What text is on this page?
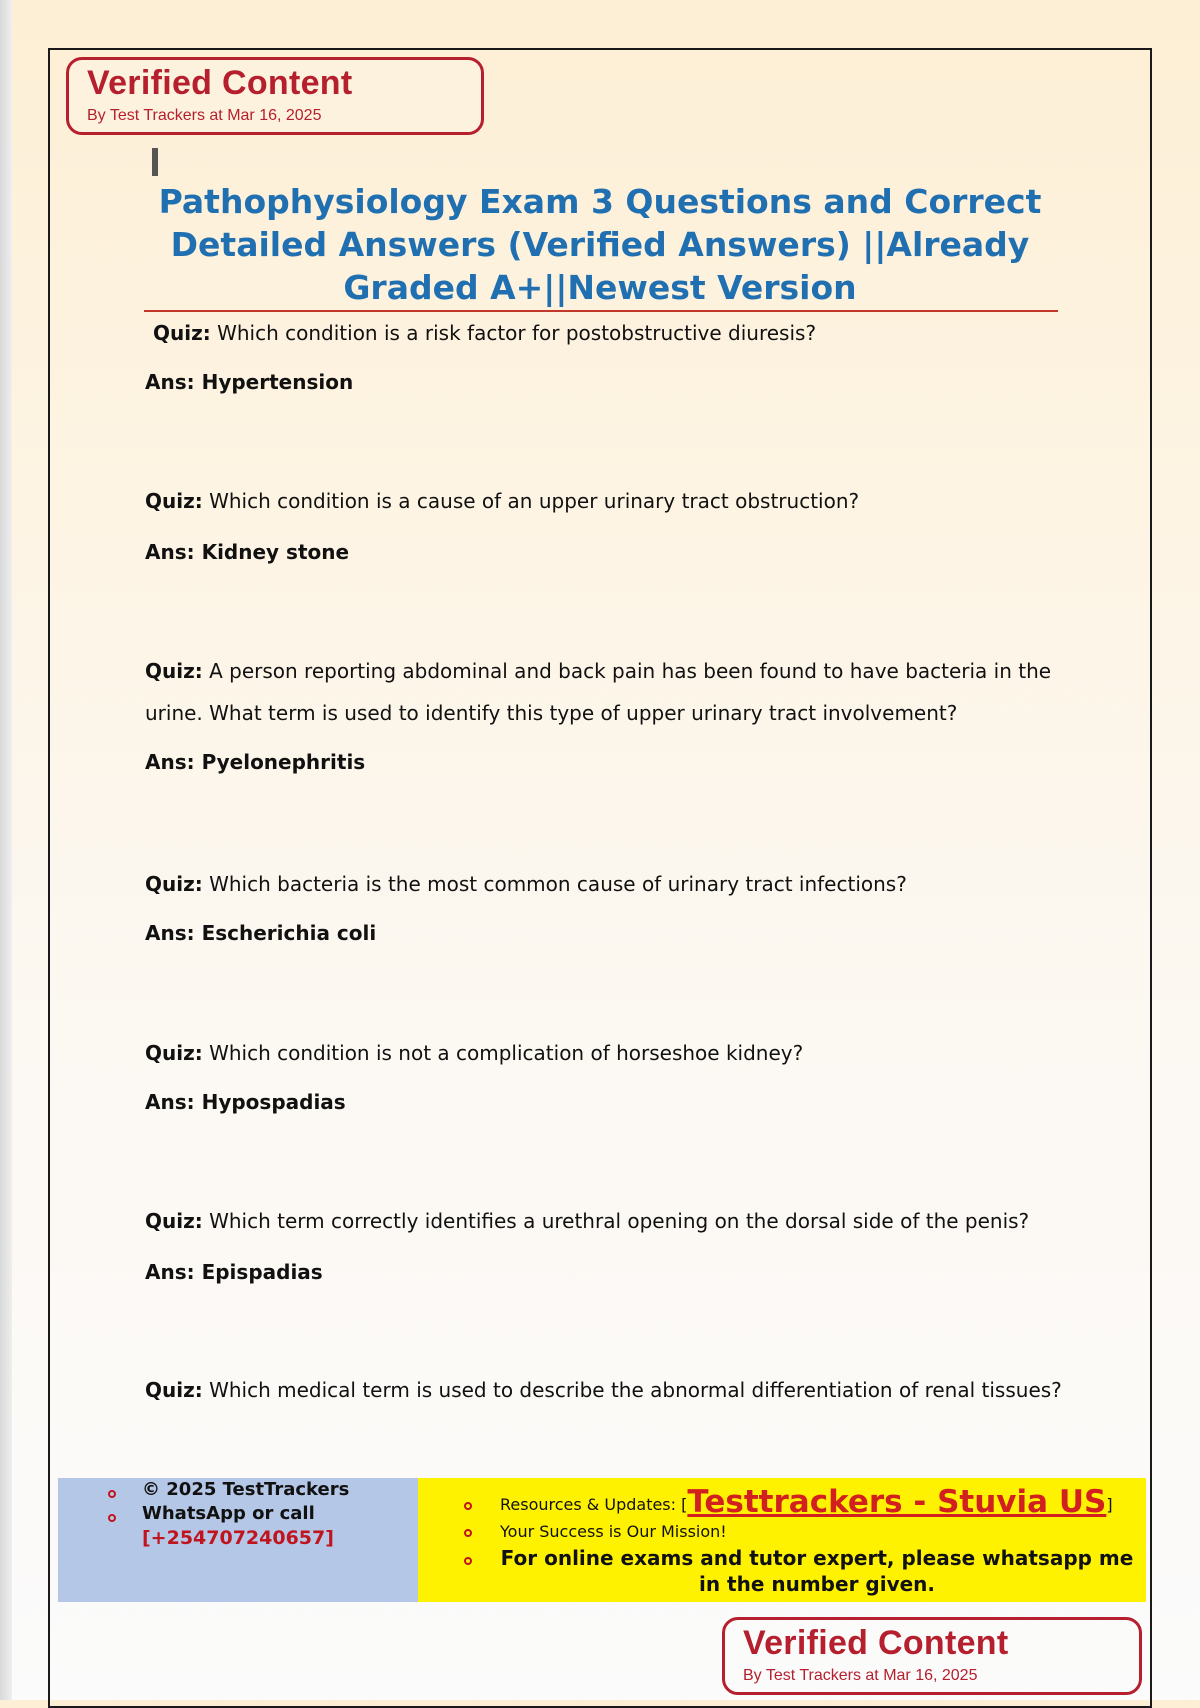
Verified Content
By Test Trackers at Mar 16, 2025
Pathophysiology Exam 3 Questions and Correct Detailed Answers (Verified Answers) ||Already Graded A+||Newest Version

Quiz: Which condition is a risk factor for postobstructive diuresis?

Ans: Hypertension

Quiz: Which condition is a cause of an upper urinary tract obstruction?

Ans: Kidney stone

Quiz: A person reporting abdominal and back pain has been found to have bacteria in the urine. What term is used to identify this type of upper urinary tract involvement?

Ans: Pyelonephritis

Quiz: Which bacteria is the most common cause of urinary tract infections?

Ans: Escherichia coli

Quiz: Which condition is not a complication of horseshoe kidney?

Ans: Hypospadias

Quiz: Which term correctly identifies a urethral opening on the dorsal side of the penis?

Ans: Epispadias

Quiz: Which medical term is used to describe the abnormal differentiation of renal tissues?

© 2025 TestTrackers
WhatsApp or call
[+254707240657]
Resources & Updates: [Testtrackers - Stuvia US]
Your Success is Our Mission!
For online exams and tutor expert, please whatsapp me in the number given.
Verified Content
By Test Trackers at Mar 16, 2025
